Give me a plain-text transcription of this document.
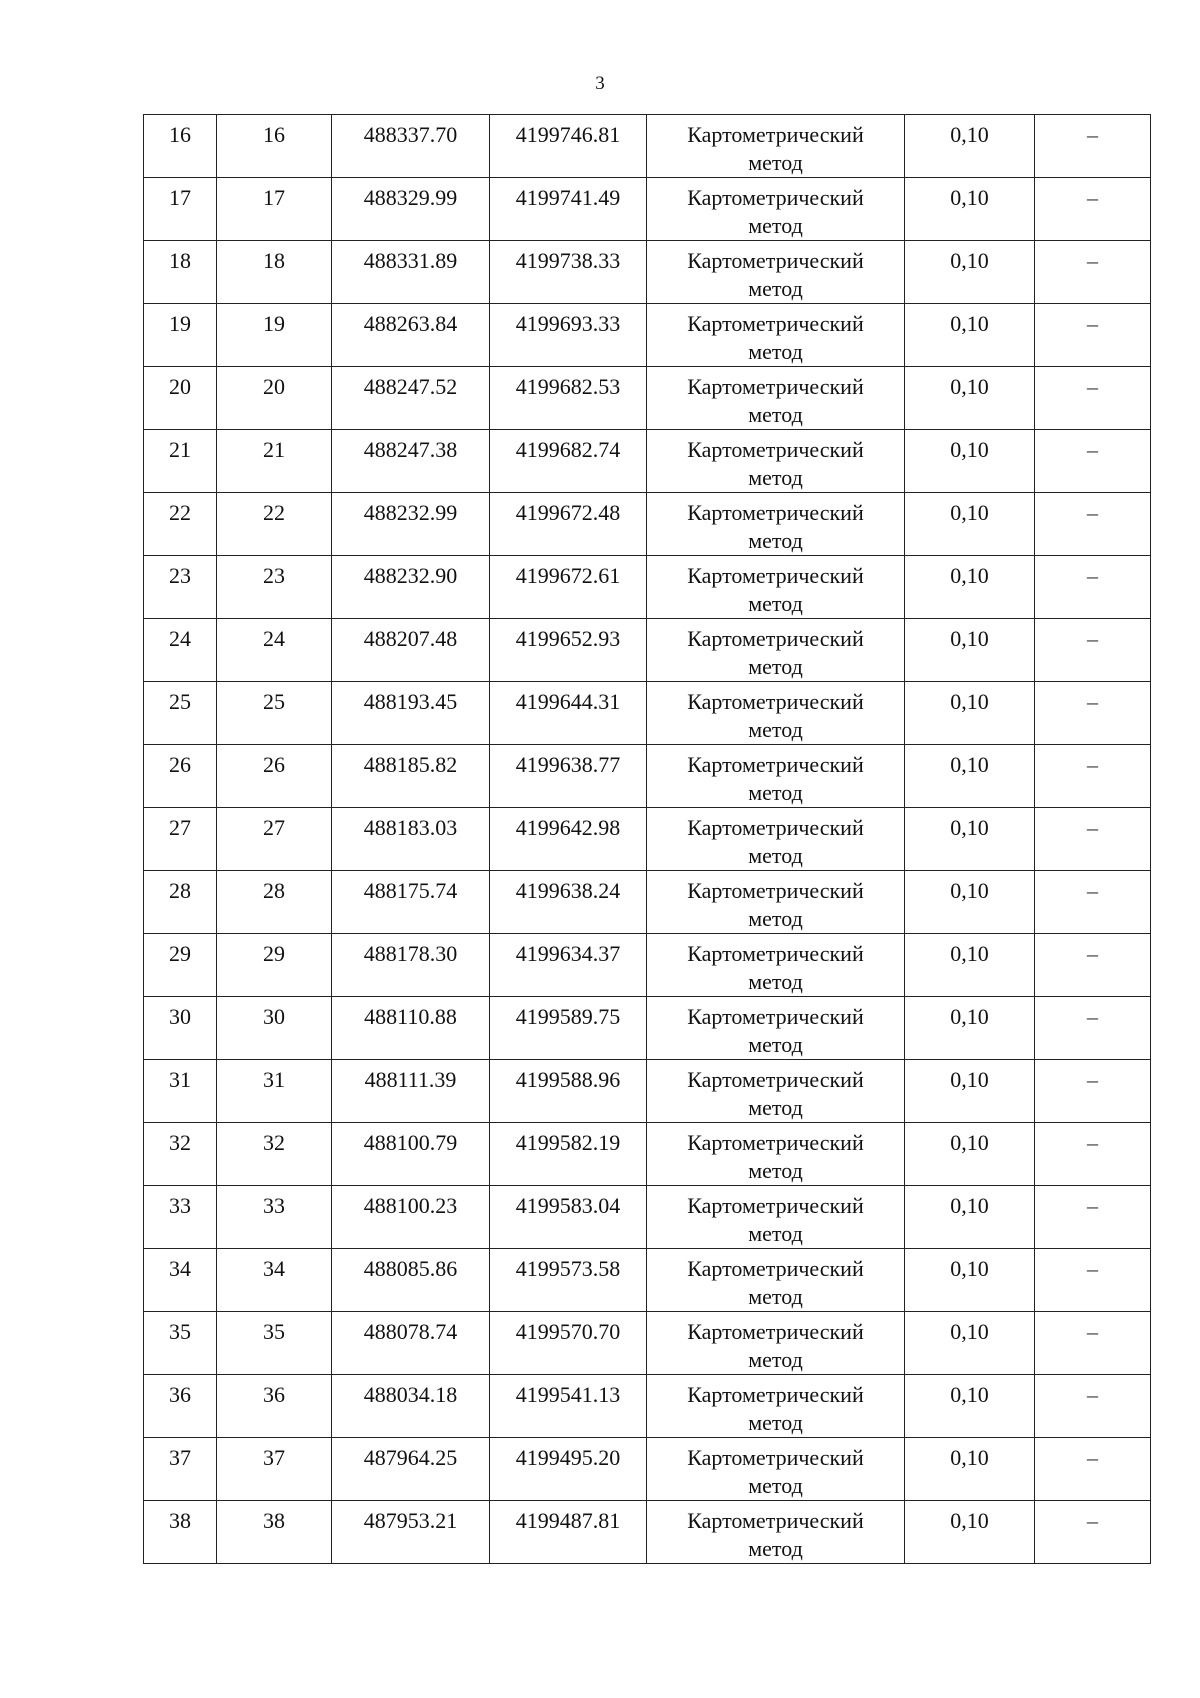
3
16	16	488337.70	4199746.81	Картометрический
метод	0,10	–
17	17	488329.99	4199741.49	Картометрический
метод	0,10	–
18	18	488331.89	4199738.33	Картометрический
метод	0,10	–
19	19	488263.84	4199693.33	Картометрический
метод	0,10	–
20	20	488247.52	4199682.53	Картометрический
метод	0,10	–
21	21	488247.38	4199682.74	Картометрический
метод	0,10	–
22	22	488232.99	4199672.48	Картометрический
метод	0,10	–
23	23	488232.90	4199672.61	Картометрический
метод	0,10	–
24	24	488207.48	4199652.93	Картометрический
метод	0,10	–
25	25	488193.45	4199644.31	Картометрический
метод	0,10	–
26	26	488185.82	4199638.77	Картометрический
метод	0,10	–
27	27	488183.03	4199642.98	Картометрический
метод	0,10	–
28	28	488175.74	4199638.24	Картометрический
метод	0,10	–
29	29	488178.30	4199634.37	Картометрический
метод	0,10	–
30	30	488110.88	4199589.75	Картометрический
метод	0,10	–
31	31	488111.39	4199588.96	Картометрический
метод	0,10	–
32	32	488100.79	4199582.19	Картометрический
метод	0,10	–
33	33	488100.23	4199583.04	Картометрический
метод	0,10	–
34	34	488085.86	4199573.58	Картометрический
метод	0,10	–
35	35	488078.74	4199570.70	Картометрический
метод	0,10	–
36	36	488034.18	4199541.13	Картометрический
метод	0,10	–
37	37	487964.25	4199495.20	Картометрический
метод	0,10	–
38	38	487953.21	4199487.81	Картометрический
метод	0,10	–
